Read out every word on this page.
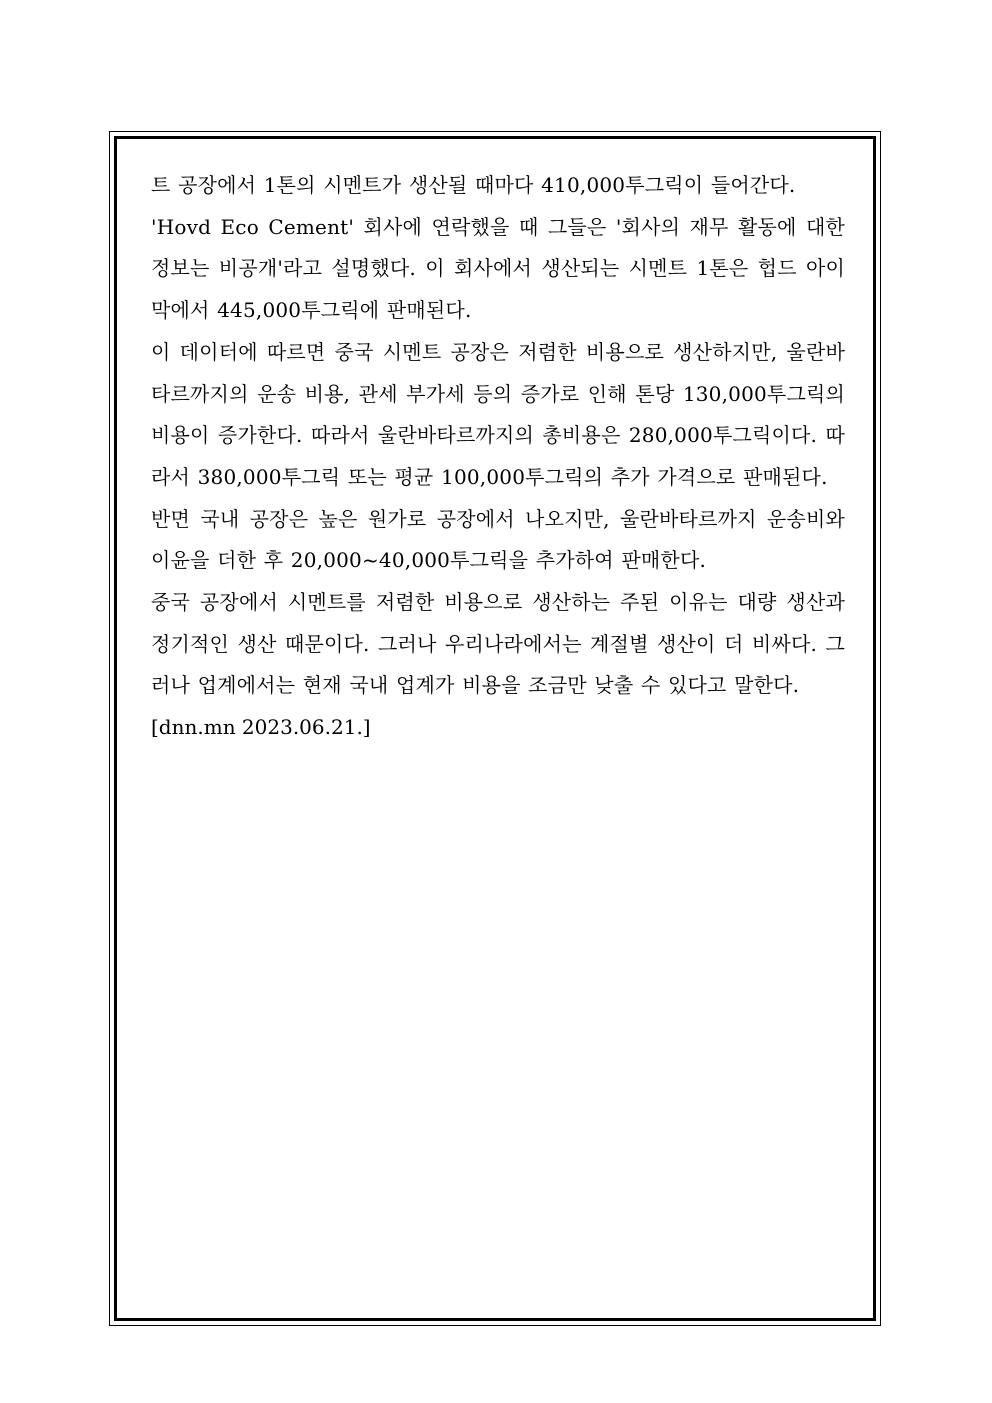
트 공장에서 1톤의 시멘트가 생산될 때마다 410,000투그릭이 들어간다.

'Hovd Eco Cement' 회사에 연락했을 때 그들은 '회사의 재무 활동에 대한 정보는 비공개'라고 설명했다. 이 회사에서 생산되는 시멘트 1톤은 헙드 아이막에서 445,000투그릭에 판매된다.

이 데이터에 따르면 중국 시멘트 공장은 저렴한 비용으로 생산하지만, 울란바타르까지의 운송 비용, 관세 부가세 등의 증가로 인해 톤당 130,000투그릭의 비용이 증가한다. 따라서 울란바타르까지의 총비용은 280,000투그릭이다. 따라서 380,000투그릭 또는 평균 100,000투그릭의 추가 가격으로 판매된다.

반면 국내 공장은 높은 원가로 공장에서 나오지만, 울란바타르까지 운송비와 이윤을 더한 후 20,000~40,000투그릭을 추가하여 판매한다.

중국 공장에서 시멘트를 저렴한 비용으로 생산하는 주된 이유는 대량 생산과 정기적인 생산 때문이다. 그러나 우리나라에서는 계절별 생산이 더 비싸다. 그러나 업계에서는 현재 국내 업계가 비용을 조금만 낮출 수 있다고 말한다.

[dnn.mn 2023.06.21.]
